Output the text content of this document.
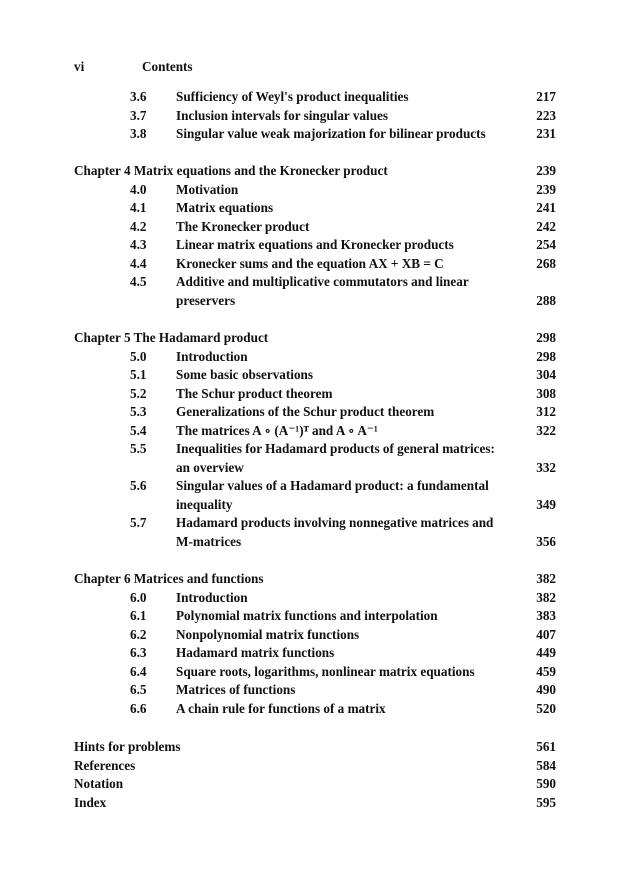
vi	Contents
3.6	Sufficiency of Weyl's product inequalities	217
3.7	Inclusion intervals for singular values	223
3.8	Singular value weak majorization for bilinear products	231
Chapter 4 Matrix equations and the Kronecker product	239
4.0	Motivation	239
4.1	Matrix equations	241
4.2	The Kronecker product	242
4.3	Linear matrix equations and Kronecker products	254
4.4	Kronecker sums and the equation AX + XB = C	268
4.5	Additive and multiplicative commutators and linear
preservers	288
Chapter 5 The Hadamard product	298
5.0	Introduction	298
5.1	Some basic observations	304
5.2	The Schur product theorem	308
5.3	Generalizations of the Schur product theorem	312
5.4	The matrices A ∘ (A⁻¹)ᵀ and A ∘ A⁻¹	322
5.5	Inequalities for Hadamard products of general matrices:
an overview	332
5.6	Singular values of a Hadamard product: a fundamental
inequality	349
5.7	Hadamard products involving nonnegative matrices and
M-matrices	356
Chapter 6 Matrices and functions	382
6.0	Introduction	382
6.1	Polynomial matrix functions and interpolation	383
6.2	Nonpolynomial matrix functions	407
6.3	Hadamard matrix functions	449
6.4	Square roots, logarithms, nonlinear matrix equations	459
6.5	Matrices of functions	490
6.6	A chain rule for functions of a matrix	520
Hints for problems	561
References	584
Notation	590
Index	595
